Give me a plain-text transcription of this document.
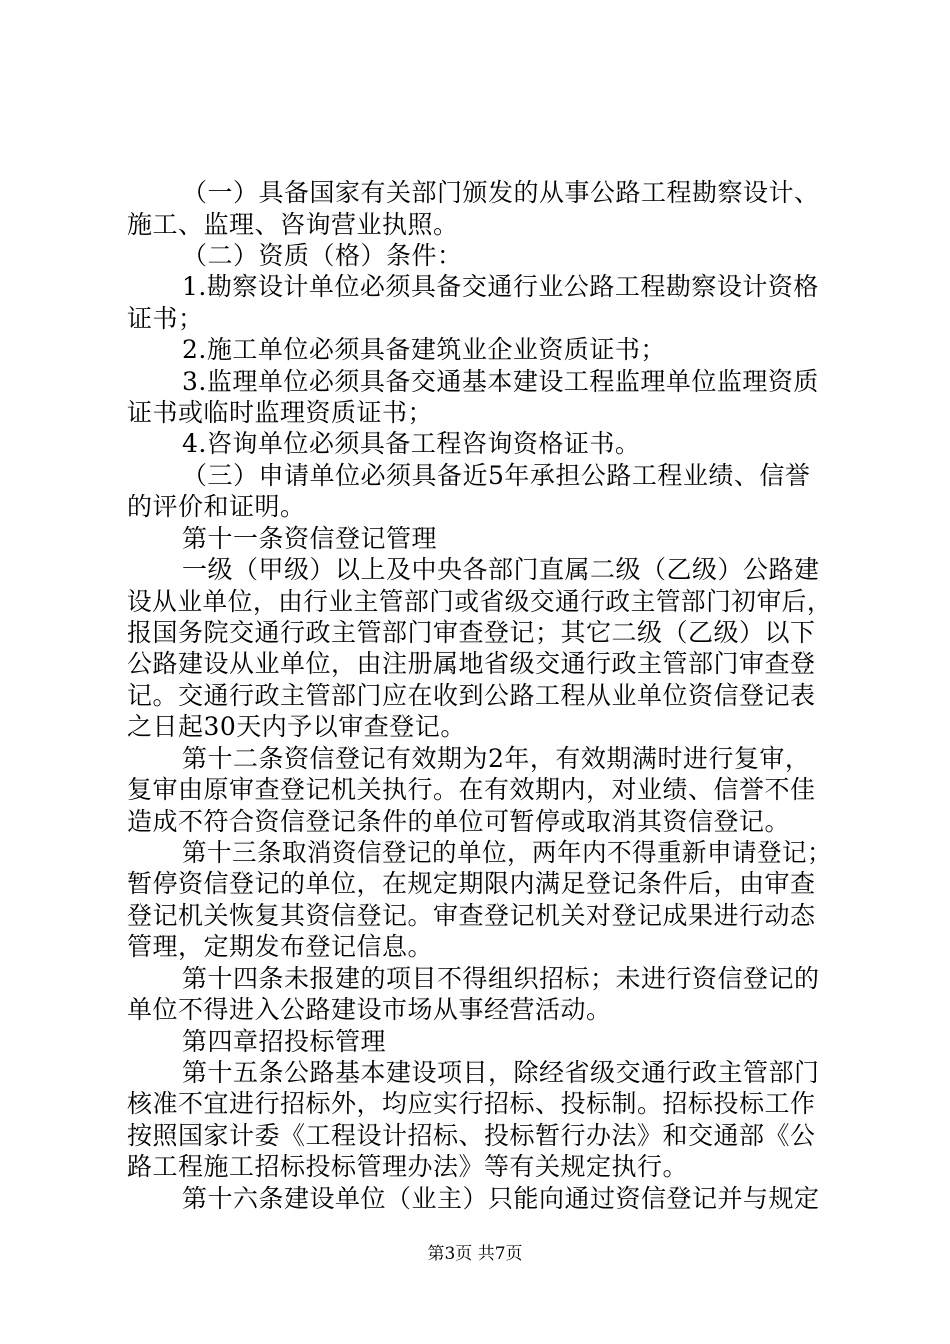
（一）具备国家有关部门颁发的从事公路工程勘察设计、
施工、监理、咨询营业执照。
（二）资质（格）条件：
1.勘察设计单位必须具备交通行业公路工程勘察设计资格
证书；
2.施工单位必须具备建筑业企业资质证书；
3.监理单位必须具备交通基本建设工程监理单位监理资质
证书或临时监理资质证书；
4.咨询单位必须具备工程咨询资格证书。
（三）申请单位必须具备近5年承担公路工程业绩、信誉
的评价和证明。
第十一条资信登记管理
一级（甲级）以上及中央各部门直属二级（乙级）公路建
设从业单位，由行业主管部门或省级交通行政主管部门初审后，
报国务院交通行政主管部门审查登记；其它二级（乙级）以下
公路建设从业单位，由注册属地省级交通行政主管部门审查登
记。交通行政主管部门应在收到公路工程从业单位资信登记表
之日起30天内予以审查登记。
第十二条资信登记有效期为2年，有效期满时进行复审，
复审由原审查登记机关执行。在有效期内，对业绩、信誉不佳
造成不符合资信登记条件的单位可暂停或取消其资信登记。
第十三条取消资信登记的单位，两年内不得重新申请登记；
暂停资信登记的单位，在规定期限内满足登记条件后，由审查
登记机关恢复其资信登记。审查登记机关对登记成果进行动态
管理，定期发布登记信息。
第十四条未报建的项目不得组织招标；未进行资信登记的
单位不得进入公路建设市场从事经营活动。
第四章招投标管理
第十五条公路基本建设项目，除经省级交通行政主管部门
核准不宜进行招标外，均应实行招标、投标制。招标投标工作
按照国家计委《工程设计招标、投标暂行办法》和交通部《公
路工程施工招标投标管理办法》等有关规定执行。
第十六条建设单位（业主）只能向通过资信登记并与规定
第3页 共7页
